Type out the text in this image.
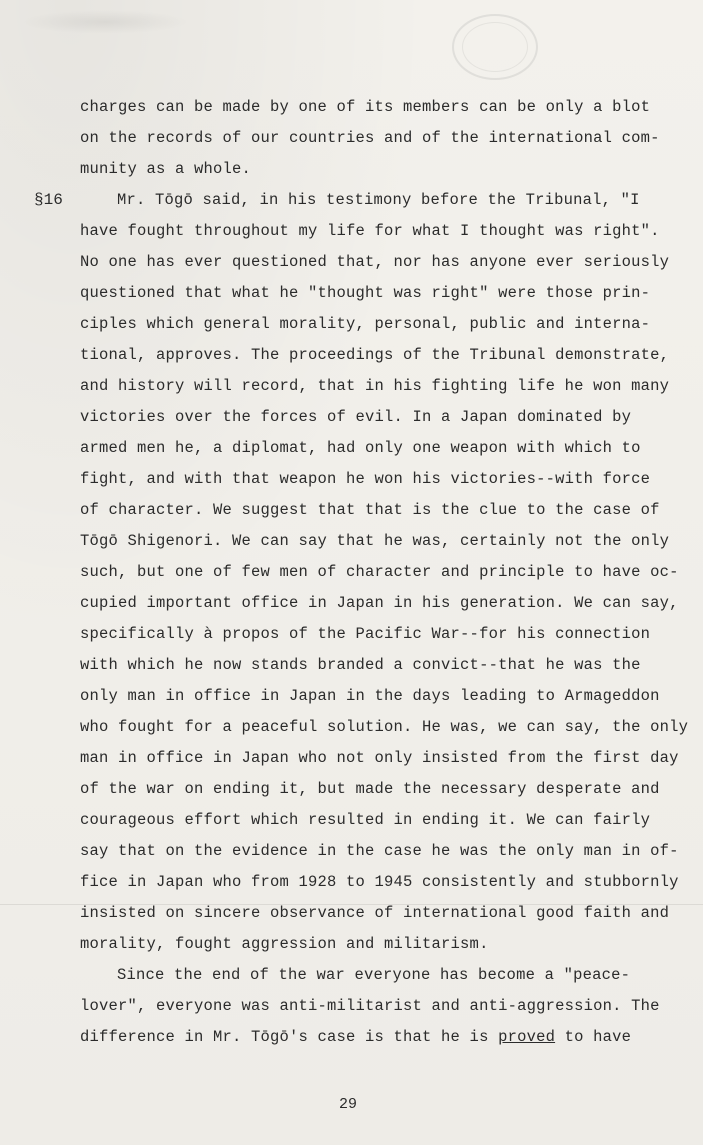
§16
charges can be made by one of its members can be only a blot
on the records of our countries and of the international com-
munity as a whole.
Mr. Tōgō said, in his testimony before the Tribunal, "I
have fought throughout my life for what I thought was right".
No one has ever questioned that, nor has anyone ever seriously
questioned that what he "thought was right" were those prin-
ciples which general morality, personal, public and interna-
tional, approves. The proceedings of the Tribunal demonstrate,
and history will record, that in his fighting life he won many
victories over the forces of evil. In a Japan dominated by
armed men he, a diplomat, had only one weapon with which to
fight, and with that weapon he won his victories--with force
of character. We suggest that that is the clue to the case of
Tōgō Shigenori. We can say that he was, certainly not the only
such, but one of few men of character and principle to have oc-
cupied important office in Japan in his generation. We can say,
specifically à propos of the Pacific War--for his connection
with which he now stands branded a convict--that he was the
only man in office in Japan in the days leading to Armageddon
who fought for a peaceful solution. He was, we can say, the only
man in office in Japan who not only insisted from the first day
of the war on ending it, but made the necessary desperate and
courageous effort which resulted in ending it. We can fairly
say that on the evidence in the case he was the only man in of-
fice in Japan who from 1928 to 1945 consistently and stubbornly
insisted on sincere observance of international good faith and
morality, fought aggression and militarism.
Since the end of the war everyone has become a "peace-
lover", everyone was anti-militarist and anti-aggression. The
difference in Mr. Tōgō's case is that he is proved to have
29
